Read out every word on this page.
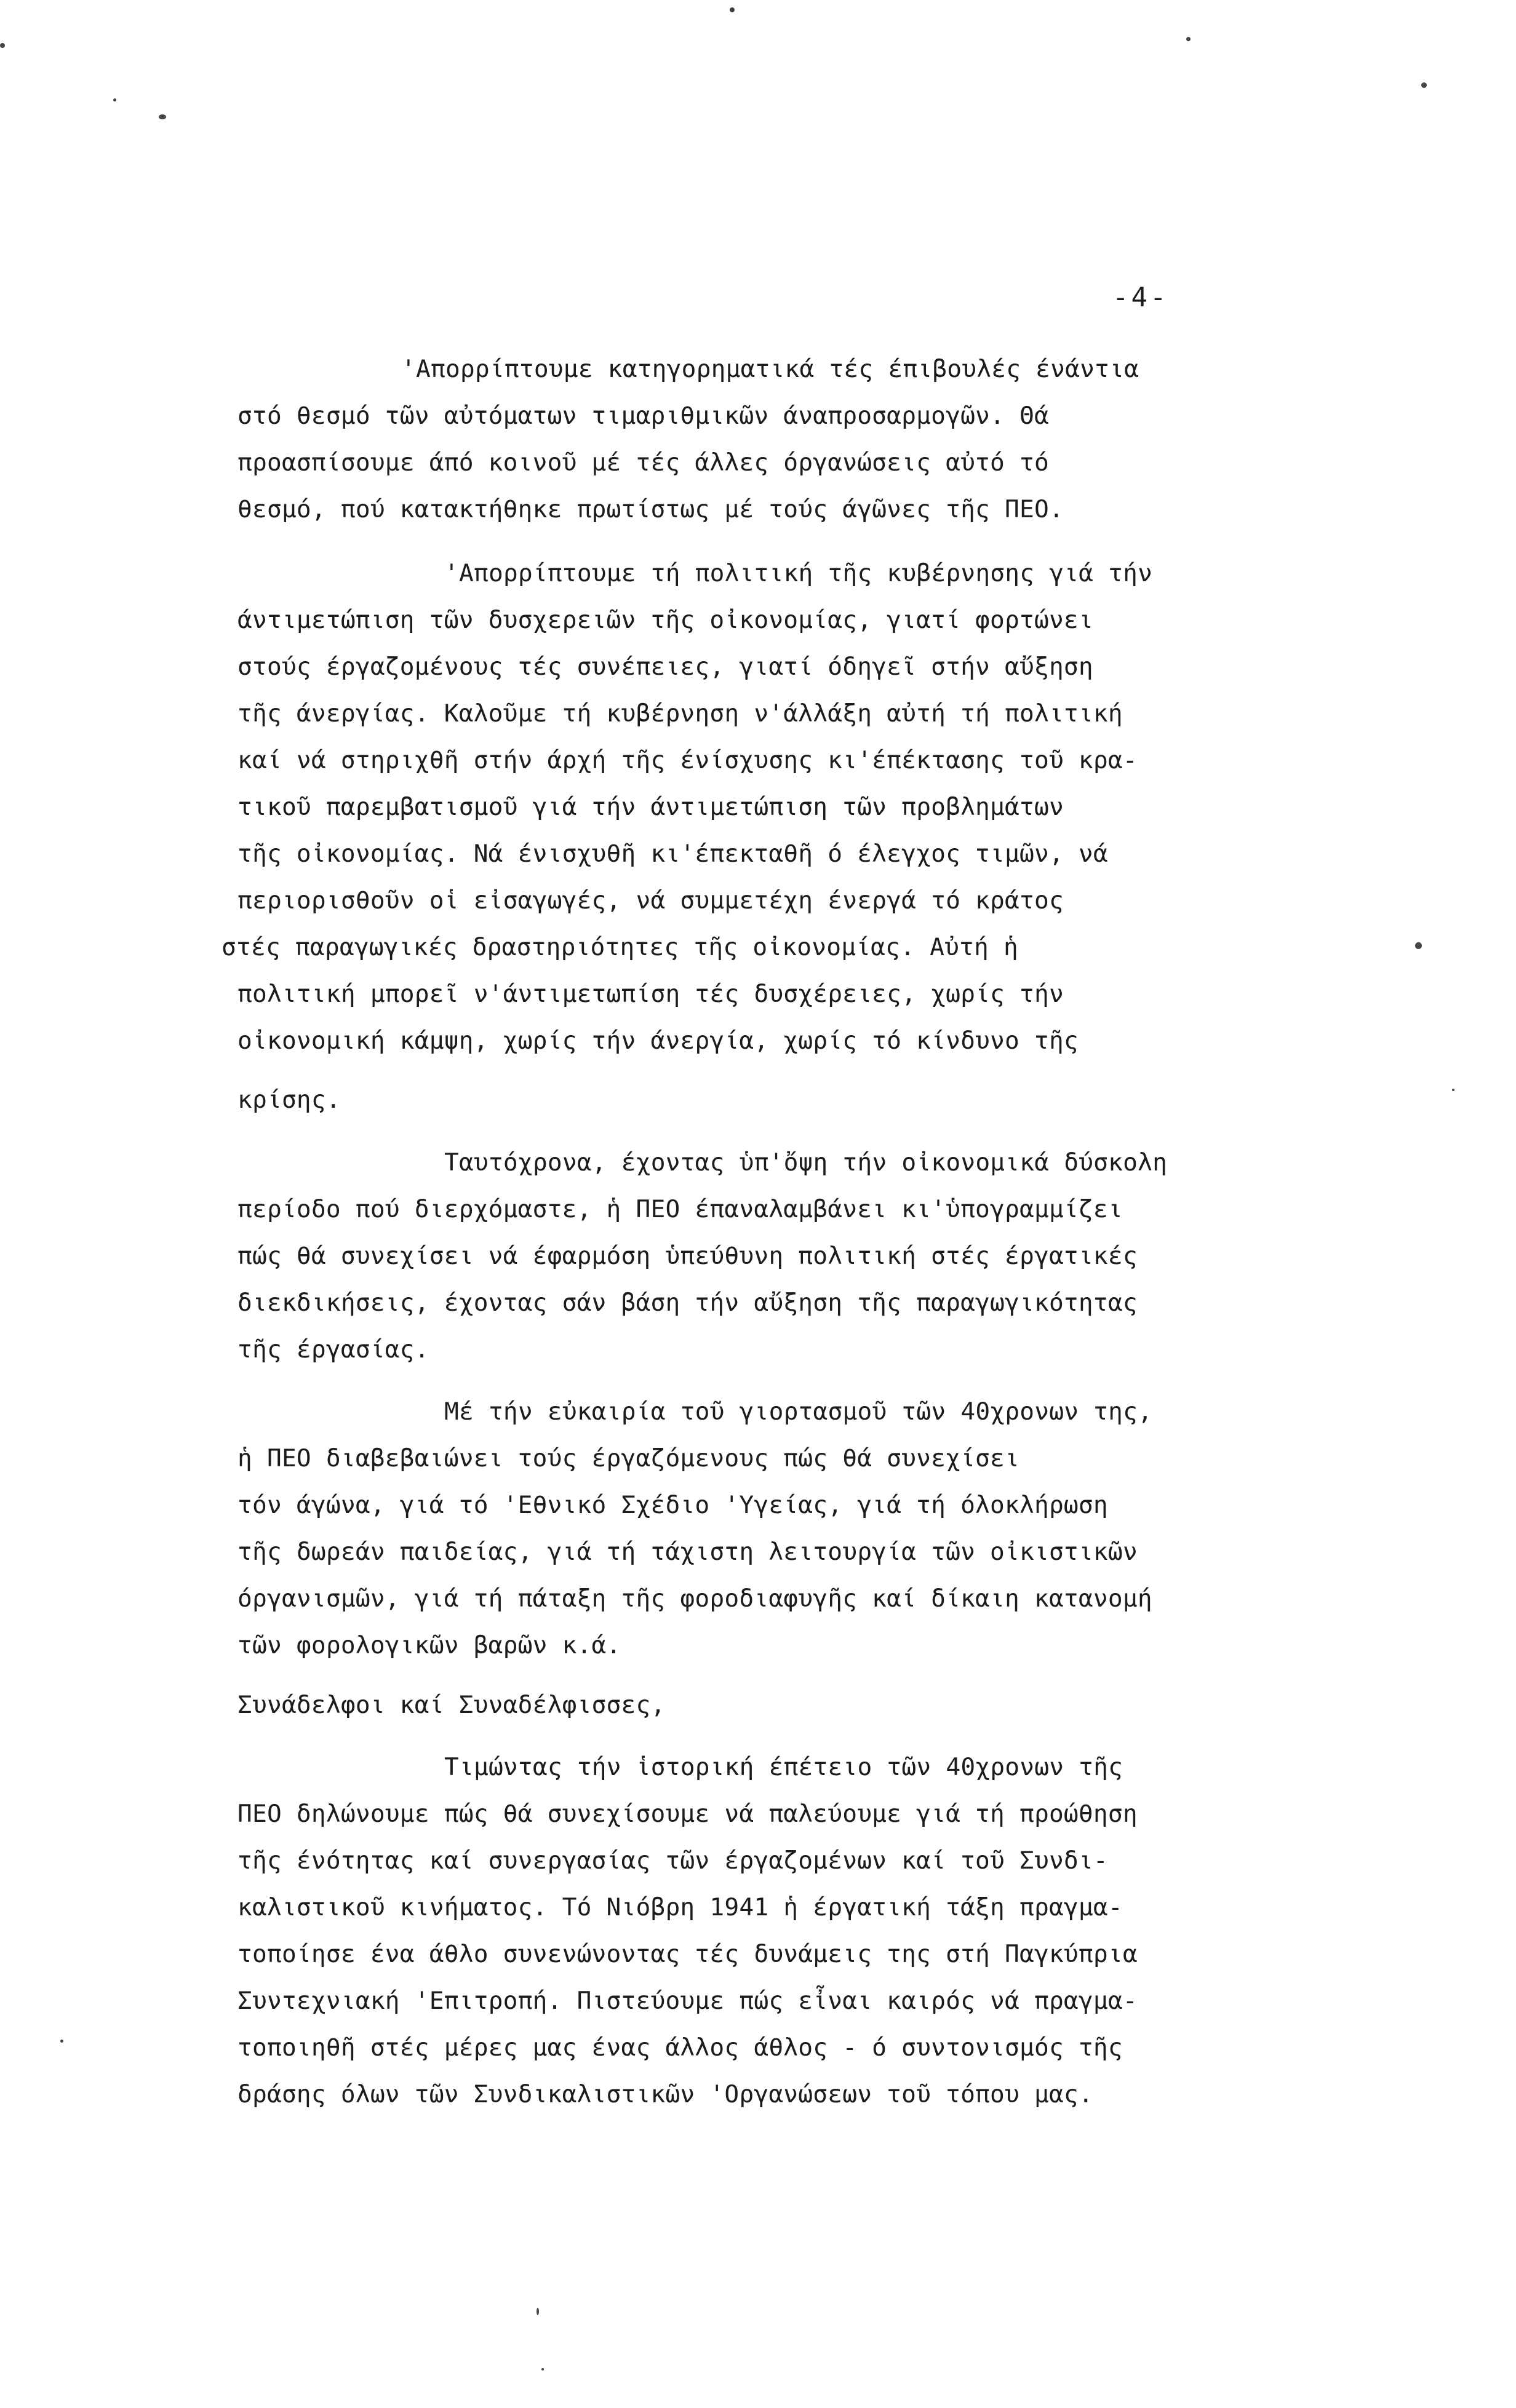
-4-
'Απορρίπτουμε κατηγορηματικά τές έπιβουλές ένάντια
στό θεσμό τῶν αὐτόματων τιμαριθμικῶν άναπροσαρμογῶν. Θά
προασπίσουμε άπό κοινοῦ μέ τές άλλες όργανώσεις αὐτό τό
θεσμό, πού κατακτήθηκε πρωτίστως μέ τούς άγῶνες τῆς ΠΕΟ.
'Απορρίπτουμε τή πολιτική τῆς κυβέρνησης γιά τήν
άντιμετώπιση τῶν δυσχερειῶν τῆς οἰκονομίας, γιατί φορτώνει
στούς έργαζομένους τές συνέπειες, γιατί όδηγεῖ στήν αὔξηση
τῆς άνεργίας. Καλοῦμε τή κυβέρνηση ν'άλλάξη αὐτή τή πολιτική
καί νά στηριχθῆ στήν άρχή τῆς ένίσχυσης κι'έπέκτασης τοῦ κρα-
τικοῦ παρεμβατισμοῦ γιά τήν άντιμετώπιση τῶν προβλημάτων
τῆς οἰκονομίας. Νά ένισχυθῆ κι'έπεκταθῆ ό έλεγχος τιμῶν, νά
περιορισθοῦν οἱ εἰσαγωγές, νά συμμετέχη ένεργά τό κράτος
στές παραγωγικές δραστηριότητες τῆς οἰκονομίας. Αὐτή ἡ
πολιτική μπορεῖ ν'άντιμετωπίση τές δυσχέρειες, χωρίς τήν
οἰκονομική κάμψη, χωρίς τήν άνεργία, χωρίς τό κίνδυνο τῆς
κρίσης.
Ταυτόχρονα, έχοντας ὑπ'ὄψη τήν οἰκονομικά δύσκολη
περίοδο πού διερχόμαστε, ἡ ΠΕΟ έπαναλαμβάνει κι'ὑπογραμμίζει
πώς θά συνεχίσει νά έφαρμόση ὑπεύθυνη πολιτική στές έργατικές
διεκδικήσεις, έχοντας σάν βάση τήν αὔξηση τῆς παραγωγικότητας
τῆς έργασίας.
Μέ τήν εὐκαιρία τοῦ γιορτασμοῦ τῶν 40χρονων της,
ἡ ΠΕΟ διαβεβαιώνει τούς έργαζόμενους πώς θά συνεχίσει
τόν άγώνα, γιά τό 'Εθνικό Σχέδιο 'Υγείας, γιά τή όλοκλήρωση
τῆς δωρεάν παιδείας, γιά τή τάχιστη λειτουργία τῶν οἰκιστικῶν
όργανισμῶν, γιά τή πάταξη τῆς φοροδιαφυγῆς καί δίκαιη κατανομή
τῶν φορολογικῶν βαρῶν κ.ά.
Συνάδελφοι καί Συναδέλφισσες,
Τιμώντας τήν ἱστορική έπέτειο τῶν 40χρονων τῆς
ΠΕΟ δηλώνουμε πώς θά συνεχίσουμε νά παλεύουμε γιά τή προώθηση
τῆς ένότητας καί συνεργασίας τῶν έργαζομένων καί τοῦ Συνδι-
καλιστικοῦ κινήματος. Τό Νιόβρη 1941 ἡ έργατική τάξη πραγμα-
τοποίησε ένα άθλο συνενώνοντας τές δυνάμεις της στή Παγκύπρια
Συντεχνιακή 'Επιτροπή. Πιστεύουμε πώς εἶναι καιρός νά πραγμα-
τοποιηθῆ στές μέρες μας ένας άλλος άθλος - ό συντονισμός τῆς
δράσης όλων τῶν Συνδικαλιστικῶν 'Οργανώσεων τοῦ τόπου μας.
